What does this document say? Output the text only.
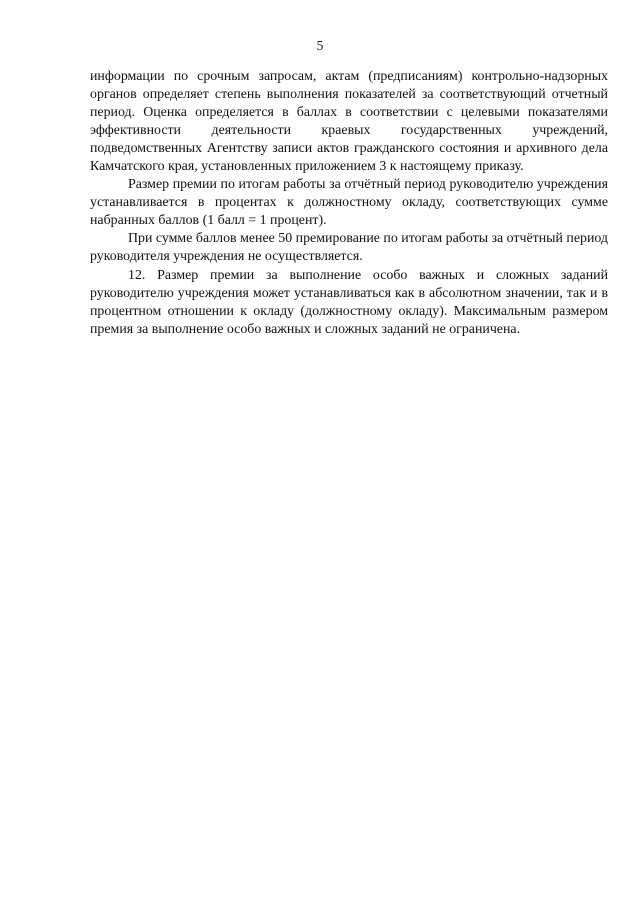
5

информации по срочным запросам, актам (предписаниям) контрольно-надзорных органов определяет степень выполнения показателей за соответствующий отчетный период. Оценка определяется в баллах в соответствии с целевыми показателями эффективности деятельности краевых государственных учреждений, подведомственных Агентству записи актов гражданского состояния и архивного дела Камчатского края, установленных приложением 3 к настоящему приказу.

Размер премии по итогам работы за отчётный период руководителю учреждения устанавливается в процентах к должностному окладу, соответствующих сумме набранных баллов (1 балл = 1 процент).

При сумме баллов менее 50 премирование по итогам работы за отчётный период руководителя учреждения не осуществляется.

12. Размер премии за выполнение особо важных и сложных заданий руководителю учреждения может устанавливаться как в абсолютном значении, так и в процентном отношении к окладу (должностному окладу). Максимальным размером премия за выполнение особо важных и сложных заданий не ограничена.
